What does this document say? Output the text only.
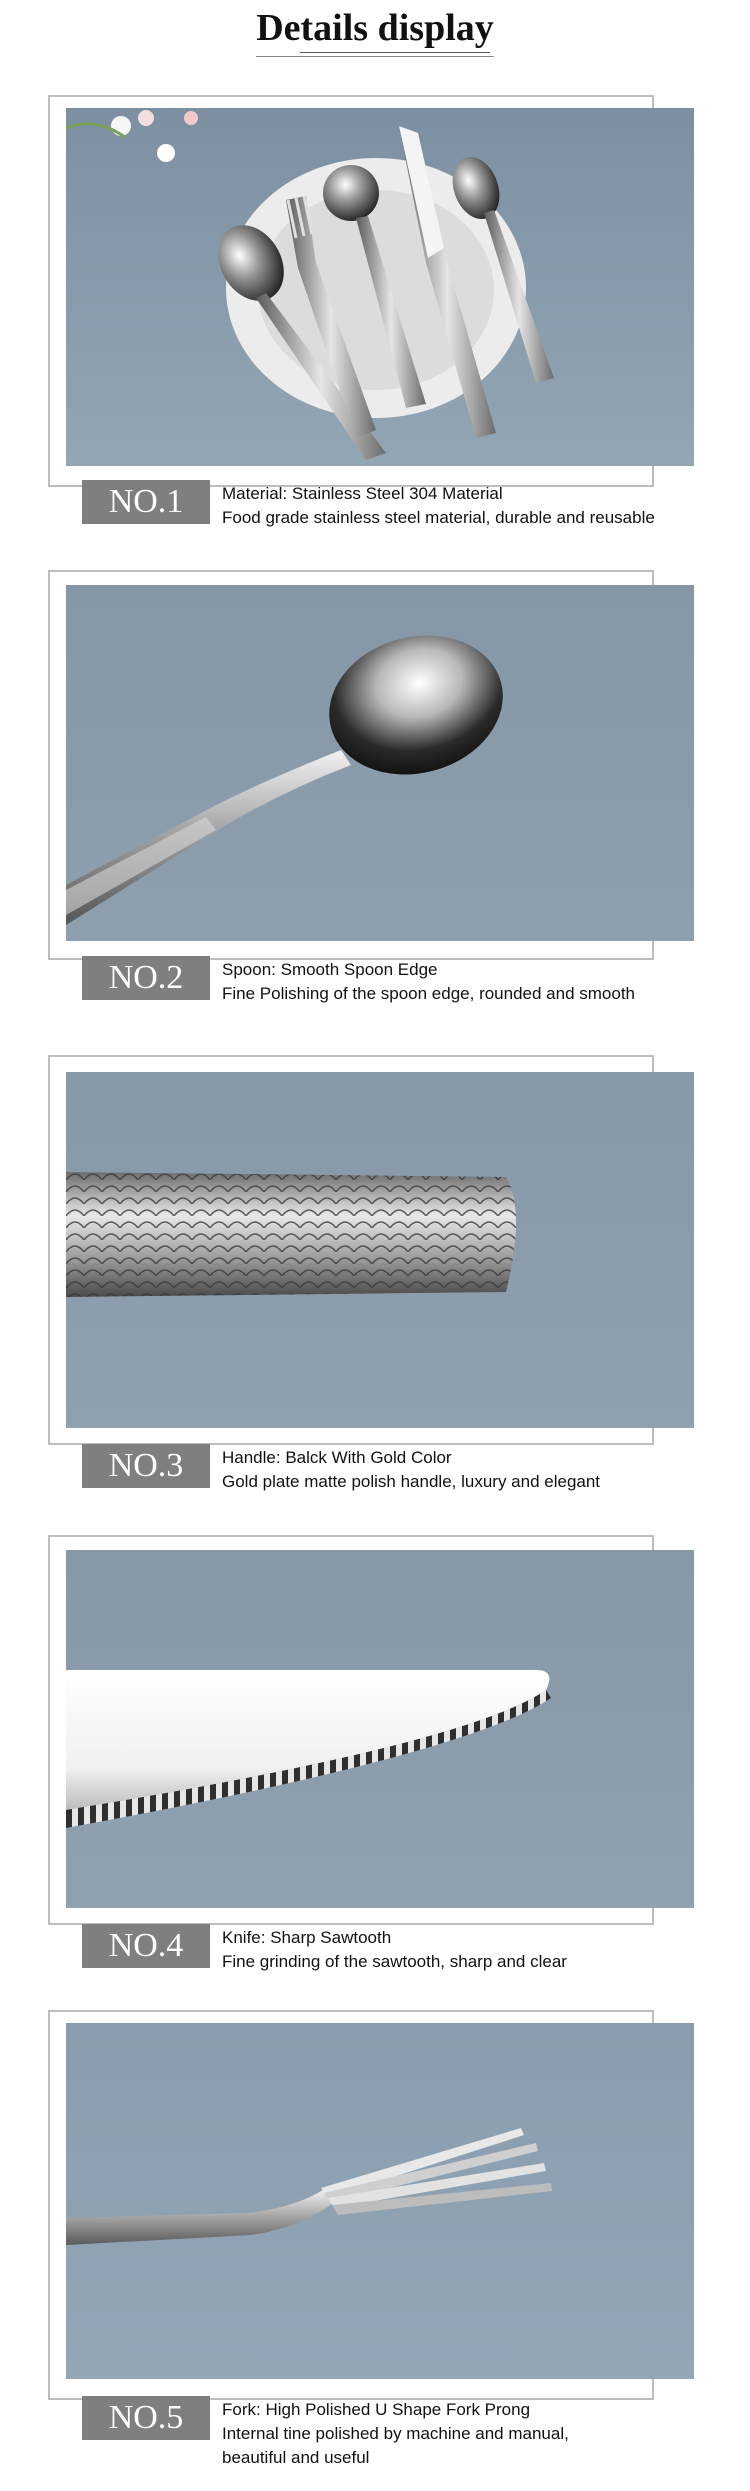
Details display
NO.1	Material: Stainless Steel 304 Material
Food grade stainless steel material, durable and reusable
NO.2	Spoon: Smooth Spoon Edge
Fine Polishing of the spoon edge, rounded and smooth
NO.3	Handle: Balck With Gold Color
Gold plate matte polish handle, luxury and elegant
NO.4	Knife: Sharp Sawtooth
Fine grinding of the sawtooth, sharp and clear
NO.5	Fork: High Polished U Shape Fork Prong
Internal tine polished by machine and manual,
beautiful and useful
